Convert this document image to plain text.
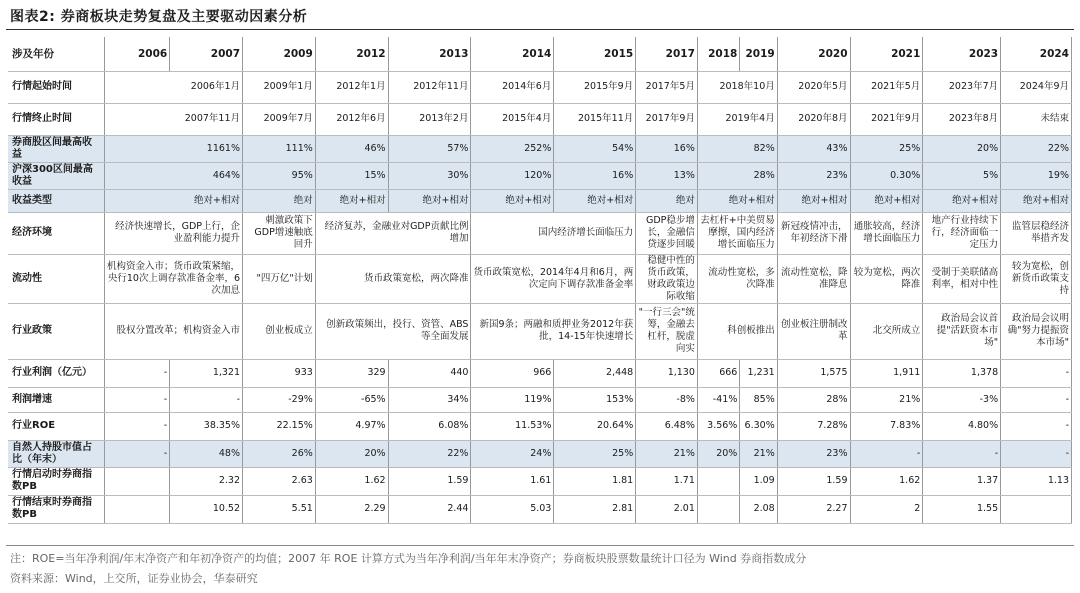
图表2: 券商板块走势复盘及主要驱动因素分析
涉及年份	2006	2007	2009	2012	2013	2014	2015	2017	2018	2019	2020	2021	2023	2024
行情起始时间	2006年1月		2009年1月	2012年1月	2012年11月	2014年6月	2015年9月	2017年5月	2018年10月		2020年5月	2021年5月	2023年7月	2024年9月
行情终止时间	2007年11月		2009年7月	2012年6月	2013年2月	2015年4月	2015年11月	2017年9月	2019年4月		2020年8月	2021年9月	2023年8月	未结束
券商股区间最高收益	1161%		111%	46%	57%	252%	54%	16%	82%		43%	25%	20%	22%
沪深300区间最高收益	464%		95%	15%	30%	120%	16%	13%	28%		23%	0.30%	5%	19%
收益类型	绝对+相对		绝对	绝对+相对	绝对+相对	绝对+相对	绝对+相对	绝对	绝对+相对		绝对+相对	绝对+相对	绝对+相对	绝对+相对
经济环境	经济快速增长，GDP上行，企业盈利能力提升		刺激政策下GDP增速触底回升	经济复苏，金融业对GDP贡献比例增加		国内经济增长面临压力		GDP稳步增长，金融信贷逐步回暖	去杠杆+中美贸易摩擦，国内经济增长面临压力		新冠疫情冲击，年初经济下滑	通胀较高，经济增长面临压力	地产行业持续下行，经济面临一定压力	监管层稳经济举措齐发
流动性	机构资金入市；货币政策紧缩，央行10次上调存款准备金率，6次加息		"四万亿"计划	货币政策宽松，两次降准		货币政策宽松，2014年4月和6月，两次定向下调存款准备金率		稳健中性的货币政策，财政政策边际收缩	流动性宽松，多次降准		流动性宽松，降准降息	较为宽松，两次降准	受制于美联储高利率，相对中性	较为宽松，创新货币政策支持
行业政策	股权分置改革；机构资金入市		创业板成立	创新政策频出，投行、资管、ABS等全面发展		新国9条；两融和质押业务2012年获批，14-15年快速增长		"一行三会"统筹，金融去杠杆，脱虚向实	科创板推出		创业板注册制改革	北交所成立	政治局会议首提"活跃资本市场"	政治局会议明确"努力提振资本市场"
行业利润（亿元）	-	1,321	933	329	440	966	2,448	1,130	666	1,231	1,575	1,911	1,378	-
利润增速	-	-	-29%	-65%	34%	119%	153%	-8%	-41%	85%	28%	21%	-3%	-
行业ROE	-	38.35%	22.15%	4.97%	6.08%	11.53%	20.64%	6.48%	3.56%	6.30%	7.28%	7.83%	4.80%	-
自然人持股市值占比（年末）	-	48%	26%	20%	22%	24%	25%	21%	20%	21%	23%	-	-	-
行情启动时券商指数PB		2.32	2.63	1.62	1.59	1.61	1.81	1.71		1.09	1.59	1.62	1.37	1.13
行情结束时券商指数PB		10.52	5.51	2.29	2.44	5.03	2.81	2.01		2.08	2.27	2	1.55	
注：ROE=当年净利润/年末净资产和年初净资产的均值；2007 年 ROE 计算方式为当年净利润/当年年末净资产；券商板块股票数量统计口径为 Wind 券商指数成分
资料来源：Wind，上交所，证券业协会，华泰研究
